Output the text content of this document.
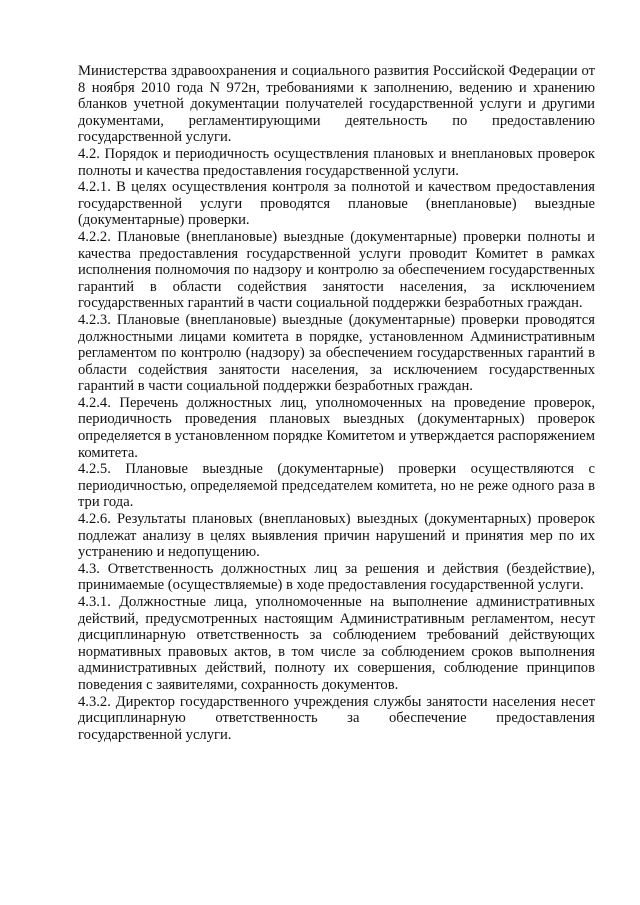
Министерства здравоохранения и социального развития Российской Федерации от 8 ноября 2010 года N 972н, требованиями к заполнению, ведению и хранению бланков учетной документации получателей государственной услуги и другими документами, регламентирующими деятельность по предоставлению государственной услуги.

4.2. Порядок и периодичность осуществления плановых и внеплановых проверок полноты и качества предоставления государственной услуги.

4.2.1. В целях осуществления контроля за полнотой и качеством предоставления государственной услуги проводятся плановые (внеплановые) выездные (документарные) проверки.

4.2.2. Плановые (внеплановые) выездные (документарные) проверки полноты и качества предоставления государственной услуги проводит Комитет в рамках исполнения полномочия по надзору и контролю за обеспечением государственных гарантий в области содействия занятости населения, за исключением государственных гарантий в части социальной поддержки безработных граждан.

4.2.3. Плановые (внеплановые) выездные (документарные) проверки проводятся должностными лицами комитета в порядке, установленном Административным регламентом по контролю (надзору) за обеспечением государственных гарантий в области содействия занятости населения, за исключением государственных гарантий в части социальной поддержки безработных граждан.

4.2.4. Перечень должностных лиц, уполномоченных на проведение проверок, периодичность проведения плановых выездных (документарных) проверок определяется в установленном порядке Комитетом и утверждается распоряжением комитета.

4.2.5. Плановые выездные (документарные) проверки осуществляются с периодичностью, определяемой председателем комитета, но не реже одного раза в три года.

4.2.6. Результаты плановых (внеплановых) выездных (документарных) проверок подлежат анализу в целях выявления причин нарушений и принятия мер по их устранению и недопущению.

4.3. Ответственность должностных лиц за решения и действия (бездействие), принимаемые (осуществляемые) в ходе предоставления государственной услуги.

4.3.1. Должностные лица, уполномоченные на выполнение административных действий, предусмотренных настоящим Административным регламентом, несут дисциплинарную ответственность за соблюдением требований действующих нормативных правовых актов, в том числе за соблюдением сроков выполнения административных действий, полноту их совершения, соблюдение принципов поведения с заявителями, сохранность документов.

4.3.2. Директор государственного учреждения службы занятости населения несет дисциплинарную ответственность за обеспечение предоставления государственной услуги.
